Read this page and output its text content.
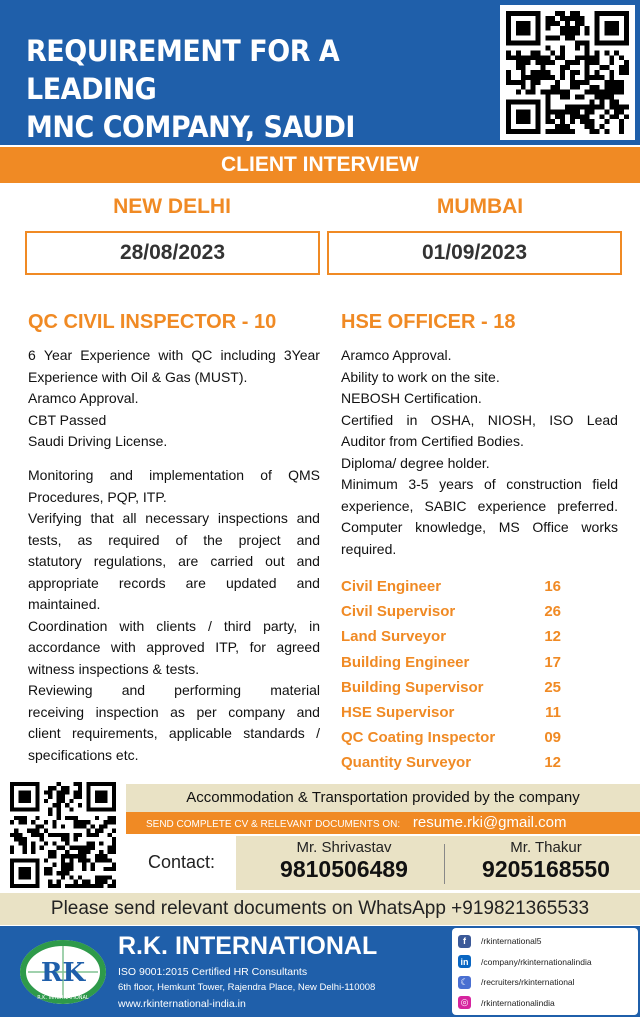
REQUIREMENT FOR A LEADING
MNC COMPANY, SAUDI
CLIENT INTERVIEW
NEW DELHI	MUMBAI
28/08/2023	01/09/2023
QC CIVIL INSPECTOR - 10
6 Year Experience with QC including 3Year
Experience with Oil & Gas (MUST).
Aramco Approval.
CBT Passed
Saudi Driving License.
Monitoring and implementation of QMS
Procedures, PQP, ITP.
Verifying that all necessary inspections and
tests, as required of the project and
statutory regulations, are carried out and
appropriate records are updated and
maintained.
Coordination with clients / third party, in
accordance with approved ITP, for agreed
witness inspections & tests.
Reviewing and performing material
receiving inspection as per company and
client requirements, applicable standards /
specifications etc.
HSE OFFICER - 18
Aramco Approval.
Ability to work on the site.
NEBOSH Certification.
Certified in OSHA, NIOSH, ISO Lead
Auditor from Certified Bodies.
Diploma/ degree holder.
Minimum 3-5 years of construction field
experience, SABIC experience preferred.
Computer knowledge, MS Office works
required.
Civil Engineer	16
Civil Supervisor	26
Land Surveyor	12
Building Engineer	17
Building Supervisor	25
HSE Supervisor	11
QC Coating Inspector	09
Quantity Surveyor	12
Accommodation & Transportation provided by the company
SEND COMPLETE CV & RELEVANT DOCUMENTS ON: resume.rki@gmail.com
Contact:
Mr. Shrivastav
9810506489
Mr. Thakur
9205168550
Please send relevant documents on WhatsApp +919821365533
RK
R.K. INTERNATIONAL
R.K. INTERNATIONAL
ISO 9001:2015 Certified HR Consultants
6th floor, Hemkunt Tower, Rajendra Place, New Delhi-110008
www.rkinternational-india.in
f	/rkinternational5
in /company/rkinternationalindia
☾ /recruiters/rkinternational
◎	/rkinternationalindia
